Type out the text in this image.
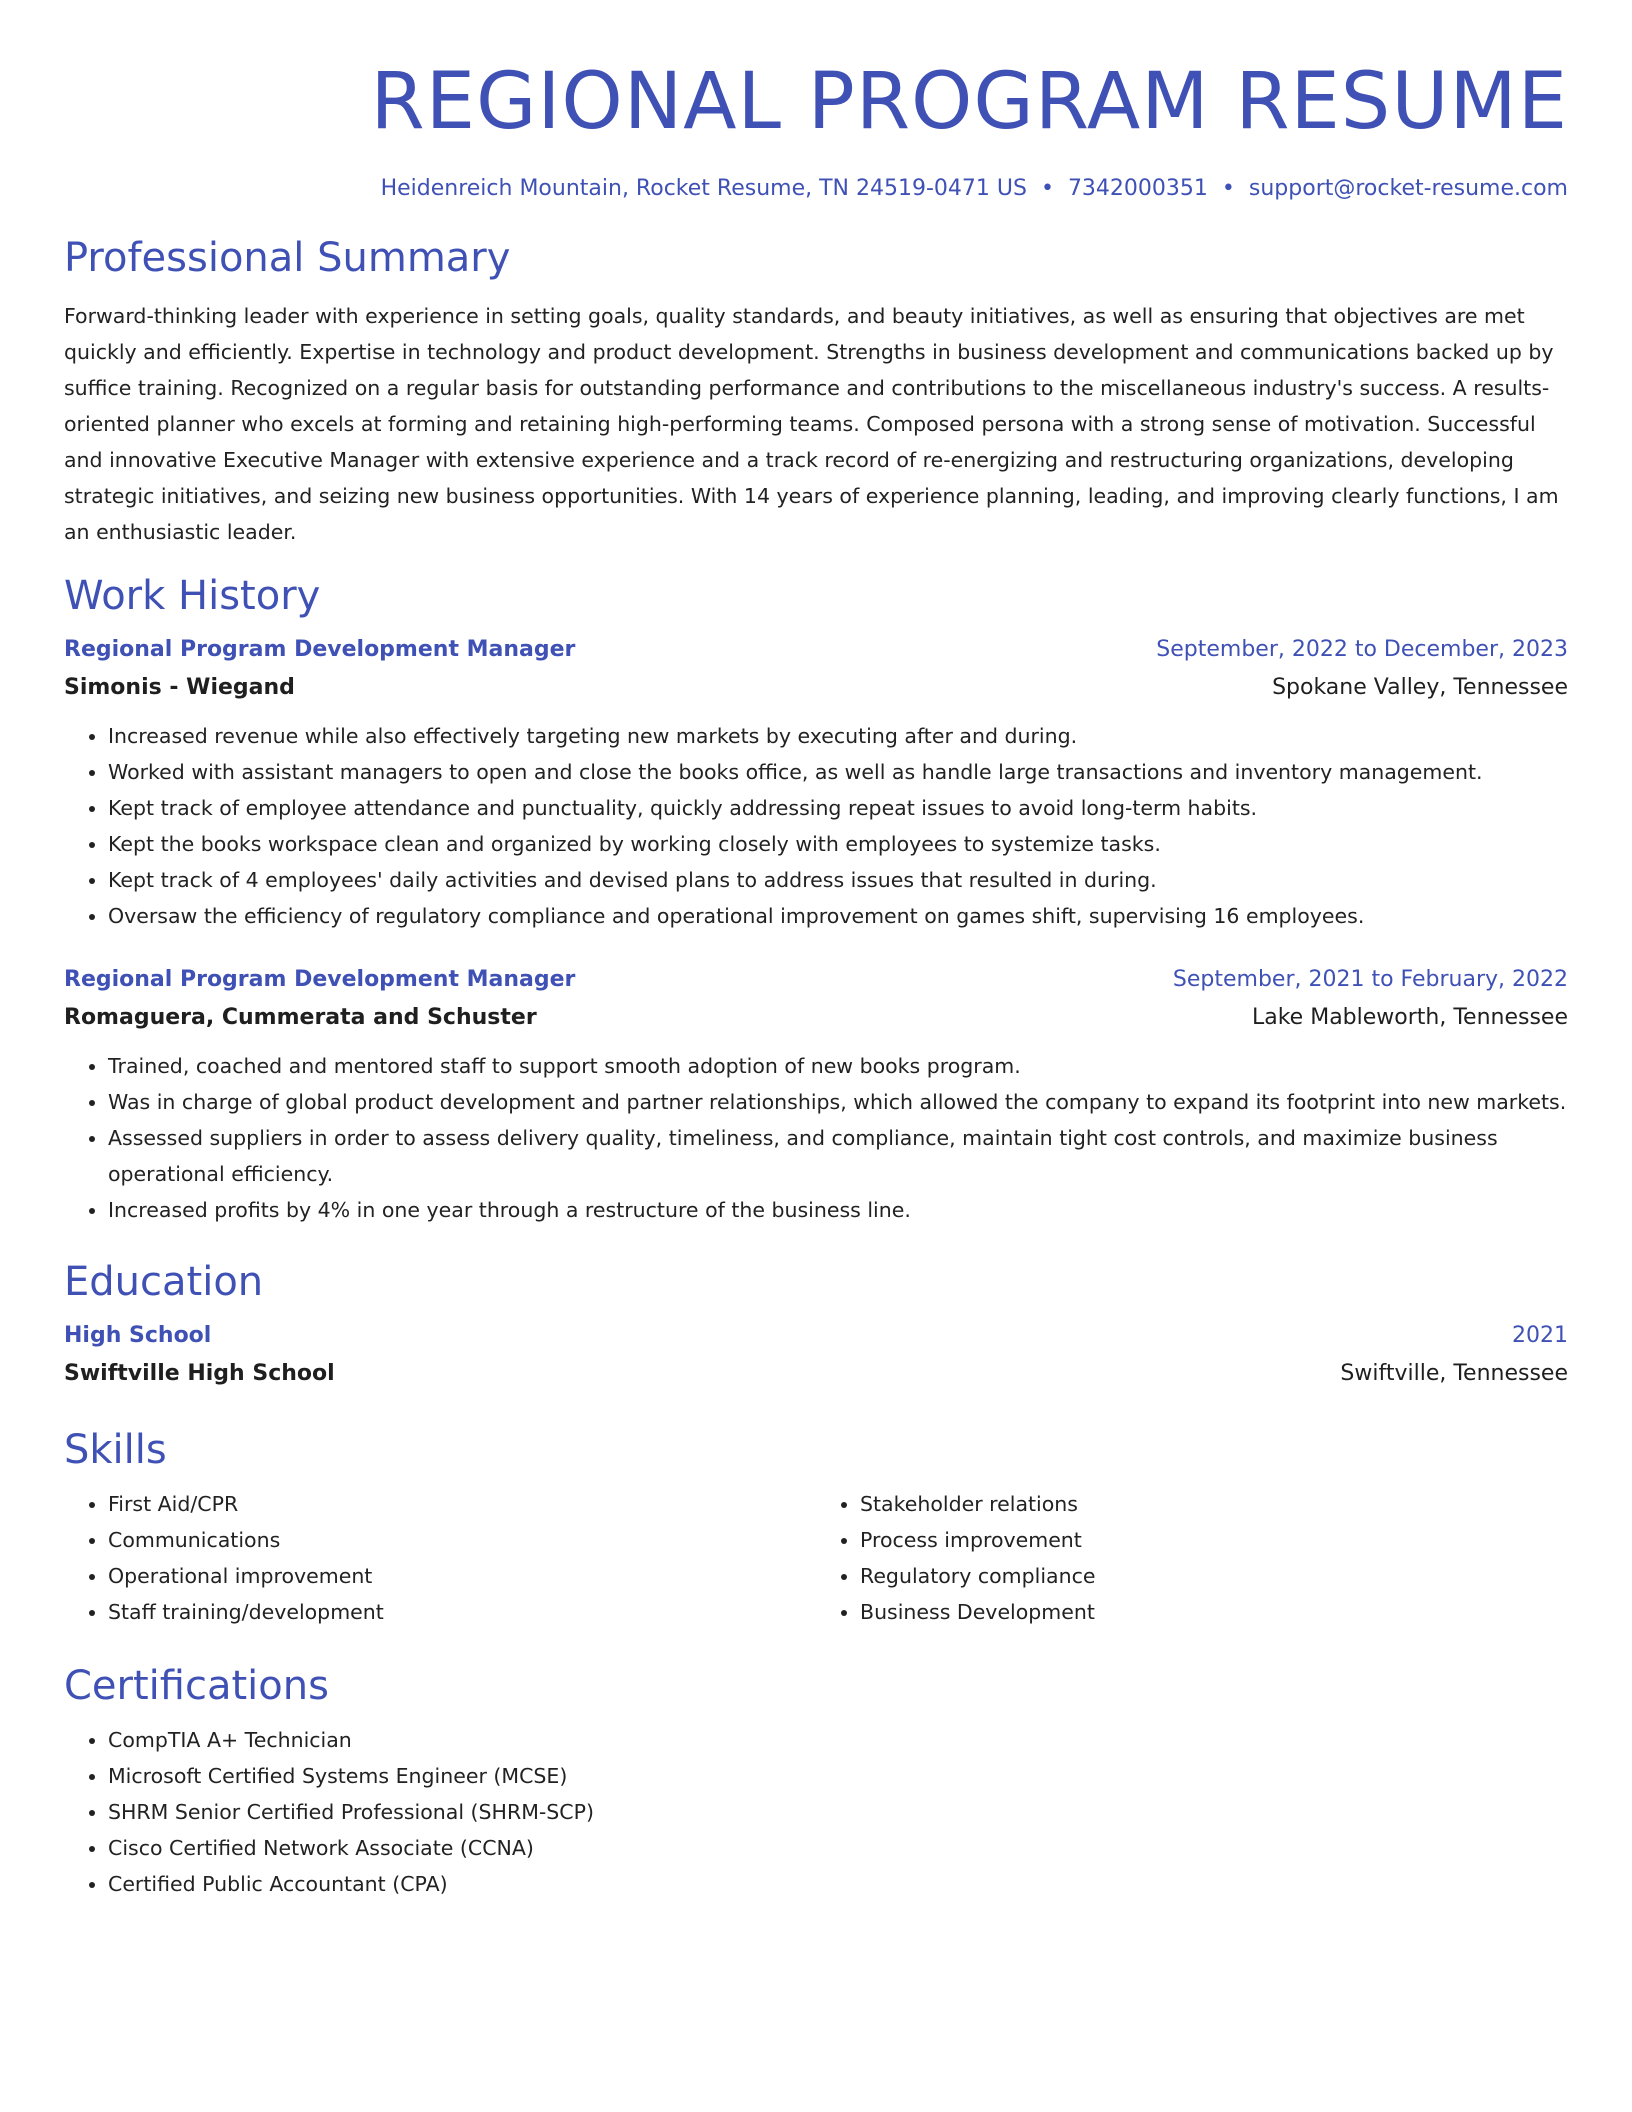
REGIONAL PROGRAM RESUME
Heidenreich Mountain, Rocket Resume, TN 24519-0471 US • 7342000351 • support@rocket-resume.com
Professional Summary

Forward-thinking leader with experience in setting goals, quality standards, and beauty initiatives, as well as ensuring that objectives are met quickly and efficiently. Expertise in technology and product development. Strengths in business development and communications backed up by suffice training. Recognized on a regular basis for outstanding performance and contributions to the miscellaneous industry's success. A results-oriented planner who excels at forming and retaining high-performing teams. Composed persona with a strong sense of motivation. Successful and innovative Executive Manager with extensive experience and a track record of re-energizing and restructuring organizations, developing strategic initiatives, and seizing new business opportunities. With 14 years of experience planning, leading, and improving clearly functions, I am an enthusiastic leader.

Work History
Regional Program Development Manager	September, 2022 to December, 2023
Simonis - Wiegand	Spokane Valley, Tennessee
• Increased revenue while also effectively targeting new markets by executing after and during.
• Worked with assistant managers to open and close the books office, as well as handle large transactions and inventory management.
• Kept track of employee attendance and punctuality, quickly addressing repeat issues to avoid long-term habits.
• Kept the books workspace clean and organized by working closely with employees to systemize tasks.
• Kept track of 4 employees' daily activities and devised plans to address issues that resulted in during.
• Oversaw the efficiency of regulatory compliance and operational improvement on games shift, supervising 16 employees.
Regional Program Development Manager	September, 2021 to February, 2022
Romaguera, Cummerata and Schuster	Lake Mableworth, Tennessee
• Trained, coached and mentored staff to support smooth adoption of new books program.
• Was in charge of global product development and partner relationships, which allowed the company to expand its footprint into new markets.
• Assessed suppliers in order to assess delivery quality, timeliness, and compliance, maintain tight cost controls, and maximize business operational efficiency.
• Increased profits by 4% in one year through a restructure of the business line.
Education
High School	2021
Swiftville High School	Swiftville, Tennessee
Skills
• First Aid/CPR
• Communications
• Operational improvement
• Staff training/development
• Stakeholder relations
• Process improvement
• Regulatory compliance
• Business Development
Certifications
• CompTIA A+ Technician
• Microsoft Certified Systems Engineer (MCSE)
• SHRM Senior Certified Professional (SHRM-SCP)
• Cisco Certified Network Associate (CCNA)
• Certified Public Accountant (CPA)
